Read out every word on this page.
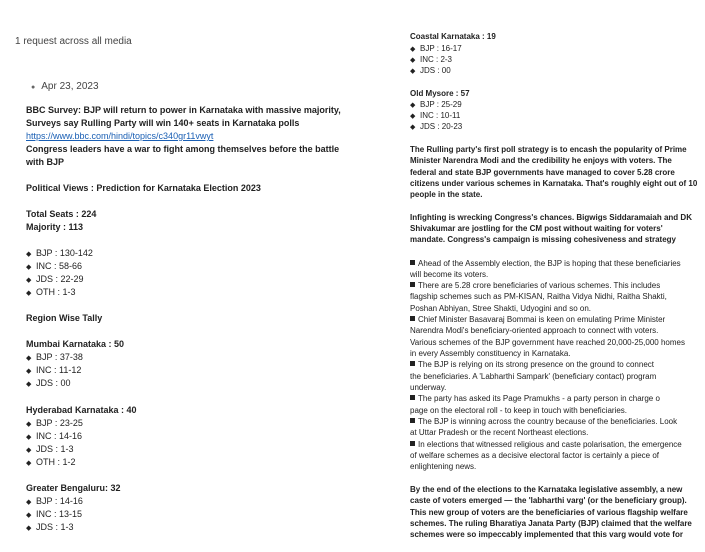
1 request across all media
● Apr 23, 2023
BBC Survey: BJP will return to power in Karnataka with massive majority,
Surveys say Rulling Party will win 140+ seats in Karnataka polls
https://www.bbc.com/hindi/topics/c340gr11vwyt
Congress leaders have a war to fight among themselves before the battle
with BJP
Political Views : Prediction for Karnataka Election 2023
Total Seats : 224
Majority : 113
◆ BJP : 130-142
◆ INC : 58-66
◆ JDS : 22-29
◆ OTH : 1-3
Region Wise Tally
Mumbai Karnataka : 50
◆ BJP : 37-38
◆ INC : 11-12
◆ JDS : 00
Hyderabad Karnataka : 40
◆ BJP : 23-25
◆ INC : 14-16
◆ JDS : 1-3
◆ OTH : 1-2
Greater Bengaluru: 32
◆ BJP : 14-16
◆ INC : 13-15
◆ JDS : 1-3
Coastal Karnataka : 19
◆ BJP : 16-17
◆ INC : 2-3
◆ JDS : 00
Old Mysore : 57
◆ BJP : 25-29
◆ INC : 10-11
◆ JDS : 20-23
The Rulling party's first poll strategy is to encash the popularity of Prime
Minister Narendra Modi and the credibility he enjoys with voters. The
federal and state BJP governments have managed to cover 5.28 crore
citizens under various schemes in Karnataka. That's roughly eight out of 10
people in the state.
Infighting is wrecking Congress's chances. Bigwigs Siddaramaiah and DK
Shivakumar are jostling for the CM post without waiting for voters'
mandate. Congress's campaign is missing cohesiveness and strategy
Ahead of the Assembly election, the BJP is hoping that these beneficiaries
will become its voters.
There are 5.28 crore beneficiaries of various schemes. This includes
flagship schemes such as PM-KISAN, Raitha Vidya Nidhi, Raitha Shakti,
Poshan Abhiyan, Stree Shakti, Udyogini and so on.
Chief Minister Basavaraj Bommai is keen on emulating Prime Minister
Narendra Modi's beneficiary-oriented approach to connect with voters.
Various schemes of the BJP government have reached 20,000-25,000 homes
in every Assembly constituency in Karnataka.
The BJP is relying on its strong presence on the ground to connect
the beneficiaries. A 'Labharthi Sampark' (beneficiary contact) program
underway.
The party has asked its Page Pramukhs - a party person in charge o
page on the electoral roll - to keep in touch with beneficiaries.
The BJP is winning across the country because of the beneficiaries. Look
at Uttar Pradesh or the recent Northeast elections.
In elections that witnessed religious and caste polarisation, the emergence
of welfare schemes as a decisive electoral factor is certainly a piece of
enlightening news.
By the end of the elections to the Karnataka legislative assembly, a new
caste of voters emerged — the 'labharthi varg' (or the beneficiary group).
This new group of voters are the beneficiaries of various flagship welfare
schemes. The ruling Bharatiya Janata Party (BJP) claimed that the welfare
schemes were so impeccably implemented that this varg would vote for
